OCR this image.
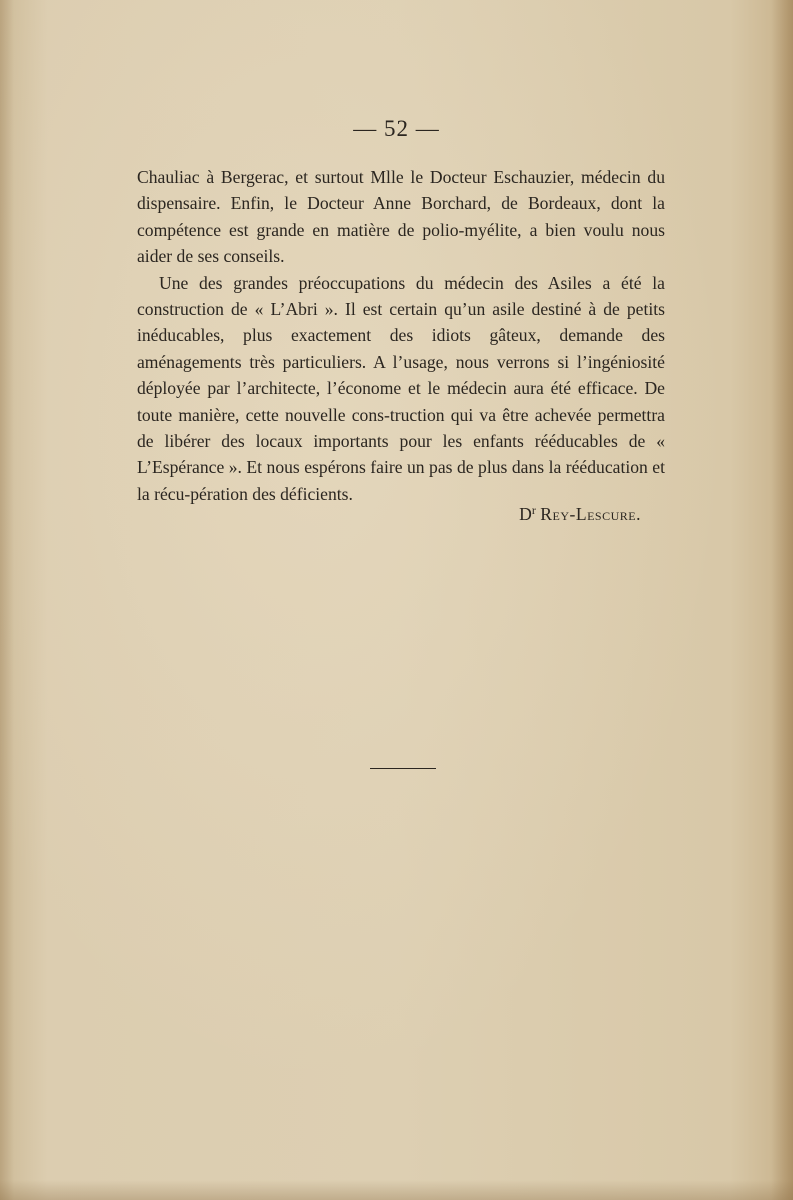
— 52 —

Chauliac à Bergerac, et surtout Mlle le Docteur Eschauzier, médecin du dispensaire. Enfin, le Docteur Anne Borchard, de Bordeaux, dont la compétence est grande en matière de polio-myélite, a bien voulu nous aider de ses conseils.

Une des grandes préoccupations du médecin des Asiles a été la construction de « L’Abri ». Il est certain qu’un asile destiné à de petits inéducables, plus exactement des idiots gâteux, demande des aménagements très particuliers. A l’usage, nous verrons si l’ingéniosité déployée par l’architecte, l’économe et le médecin aura été efficace. De toute manière, cette nouvelle cons-truction qui va être achevée permettra de libérer des locaux importants pour les enfants rééducables de « L’Espérance ». Et nous espérons faire un pas de plus dans la rééducation et la récu-pération des déficients.

$D^r$ Rey-Lescure.
